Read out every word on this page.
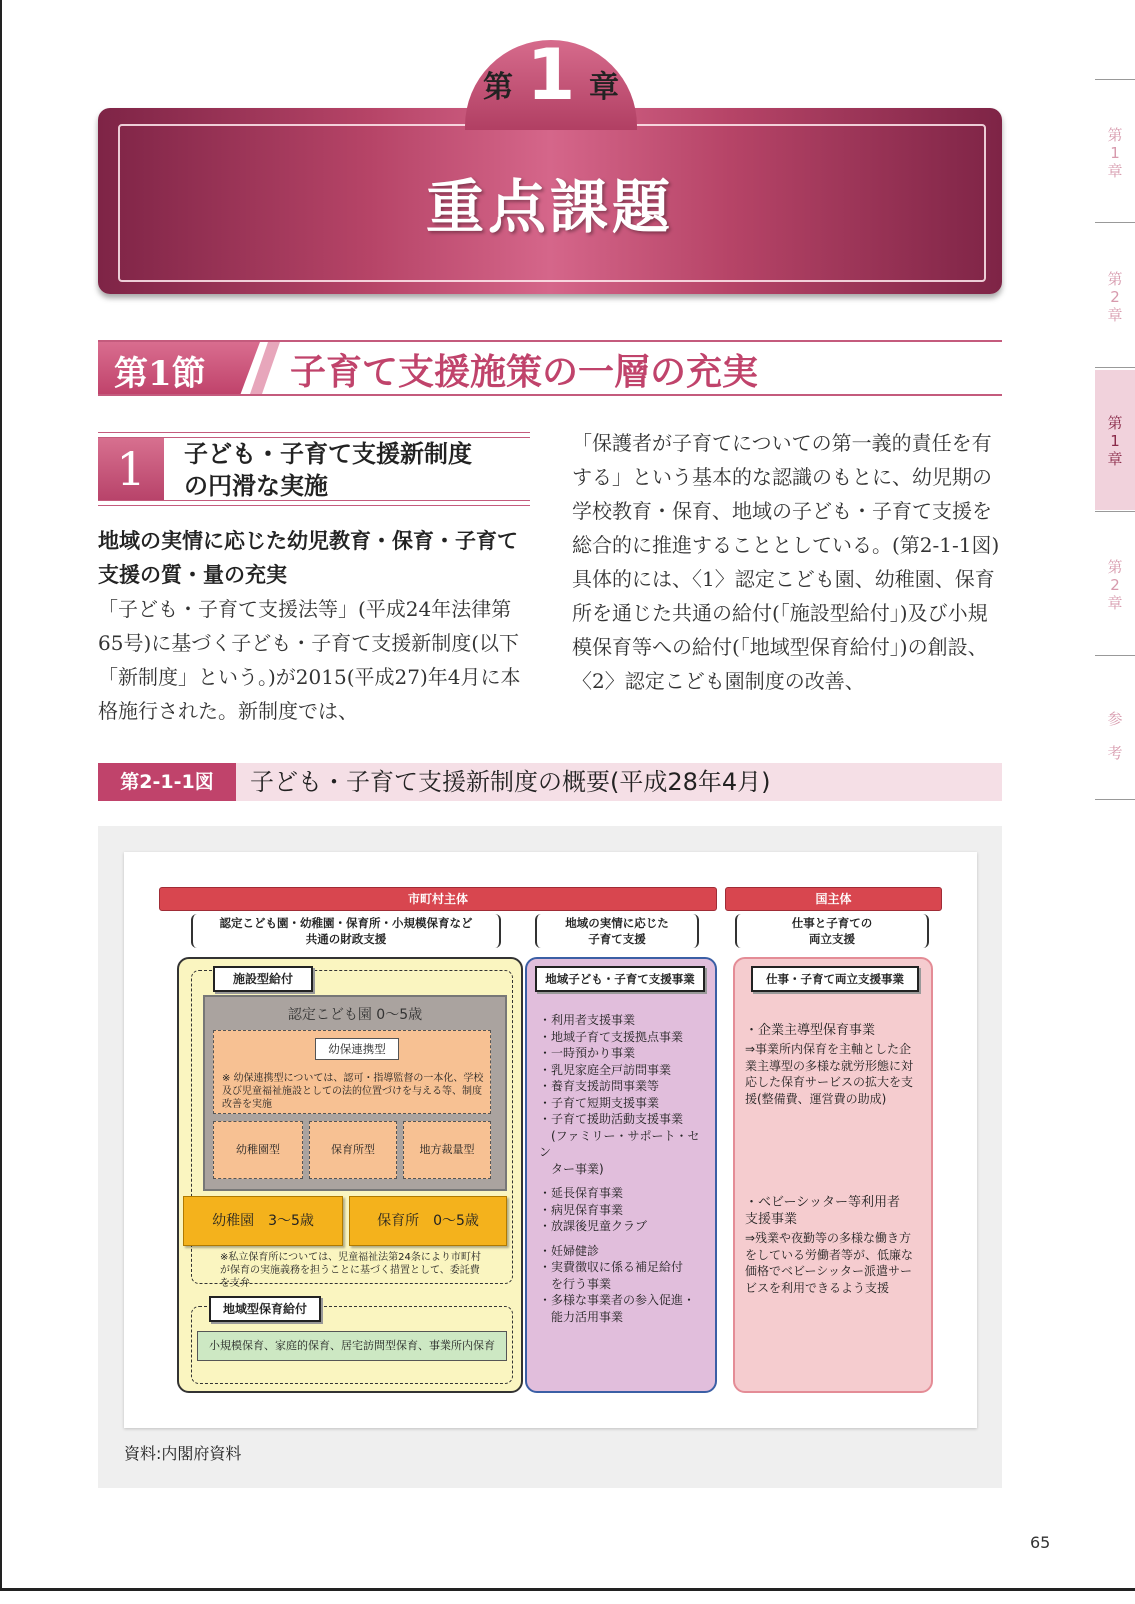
第 1 章
重点課題
第1節 子育て支援施策の一層の充実
1	子ども・子育て支援新制度
の円滑な実施
地域の実情に応じた幼児教育・保育・子育て支援の質・量の充実
「子ども・子育て支援法等」(平成24年法律第65号)に基づく子ども・子育て支援新制度(以下「新制度」という。)が2015(平成27)年4月に本格施行された。新制度では、
「保護者が子育てについての第一義的責任を有する」という基本的な認識のもとに、幼児期の学校教育・保育、地域の子ども・子育て支援を総合的に推進することとしている。(第2-1-1図)　具体的には、〈1〉認定こども園、幼稚園、保育所を通じた共通の給付(「施設型給付」)及び小規模保育等への給付(「地域型保育給付」)の創設、〈2〉認定こども園制度の改善、
第2-1-1図	子ども・子育て支援新制度の概要(平成28年4月)
市町村主体	国主体
認定こども園・幼稚園・保育所・小規模保育など
共通の財政支援
地域の実情に応じた
子育て支援
仕事と子育ての
両立支援
施設型給付
認定こども園 0〜5歳
幼保連携型
※ 幼保連携型については、認可・指導監督の一本化、学校及び児童福祉施設としての法的位置づけを与える等、制度改善を実施
幼稚園型	保育所型	地方裁量型
幼稚園　3〜5歳	保育所　0〜5歳
※私立保育所については、児童福祉法第24条により市町村が保育の実施義務を担うことに基づく措置として、委託費を支弁
地域型保育給付
小規模保育、家庭的保育、居宅訪問型保育、事業所内保育
地域子ども・子育て支援事業
・利用者支援事業
・地域子育て支援拠点事業
・一時預かり事業
・乳児家庭全戸訪問事業
・養育支援訪問事業等
・子育て短期支援事業
・子育て援助活動支援事業
　(ファミリー・サポート・セン
　ター事業)

・延長保育事業
・病児保育事業
・放課後児童クラブ

・妊婦健診
・実費徴収に係る補足給付
　を行う事業
・多様な事業者の参入促進・
　能力活用事業
仕事・子育て両立支援事業
・企業主導型保育事業
⇒事業所内保育を主軸とした企業主導型の多様な就労形態に対応した保育サービスの拡大を支援(整備費、運営費の助成)
・ベビーシッター等利用者　支援事業
⇒残業や夜勤等の多様な働き方をしている労働者等が、低廉な価格でベビーシッター派遣サービスを利用できるよう支援
資料:内閣府資料
65
第
1
章
第
2
章
第
1
章
第
2
章
参
考
